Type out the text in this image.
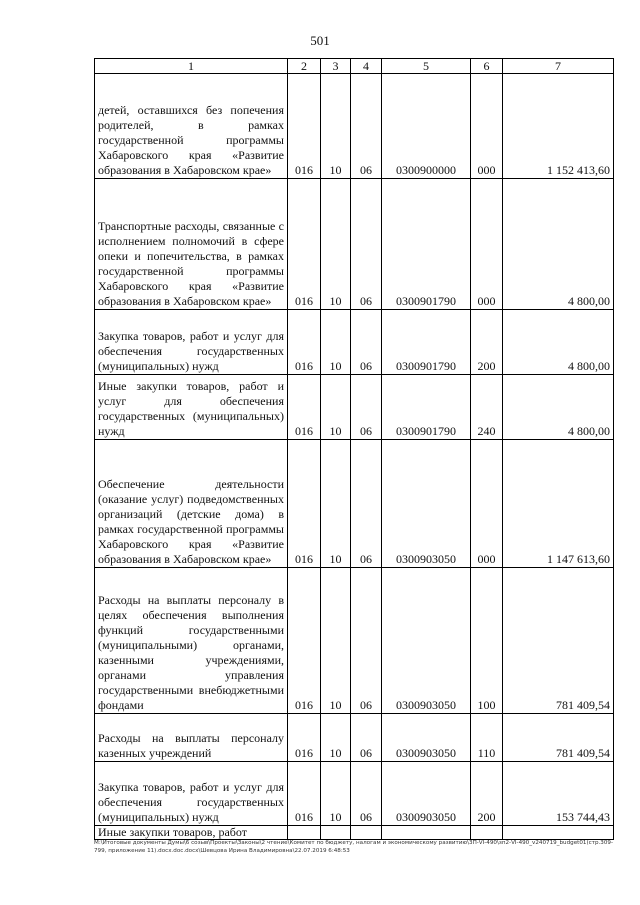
501
1	2	3	4	5	6	7
детей, оставшихся без попечения родителей, в рамках государственной программы Хабаровского края «Развитие образования в Хабаровском крае»	016	10	06	0300900000	000	1 152 413,60
Транспортные расходы, связанные с исполнением полномочий в сфере опеки и попечительства, в рамках государственной программы Хабаровского края «Развитие образования в Хабаровском крае»	016	10	06	0300901790	000	4 800,00
Закупка товаров, работ и услуг для обеспечения государственных (муниципальных) нужд	016	10	06	0300901790	200	4 800,00
Иные закупки товаров, работ и услуг для обеспечения государственных (муниципальных) нужд	016	10	06	0300901790	240	4 800,00
Обеспечение деятельности (оказание услуг) подведомственных организаций (детские дома) в рамках государственной программы Хабаровского края «Развитие образования в Хабаровском крае»	016	10	06	0300903050	000	1 147 613,60
Расходы на выплаты персоналу в целях обеспечения выполнения функций государственными (муниципальными) органами, казенными учреждениями, органами управления государственными внебюджетными фондами	016	10	06	0300903050	100	781 409,54
Расходы на выплаты персоналу казенных учреждений	016	10	06	0300903050	110	781 409,54
Закупка товаров, работ и услуг для обеспечения государственных (муниципальных) нужд	016	10	06	0300903050	200	153 744,43
Иные закупки товаров, работ						
M:\Итоговые документы Думы\6 созыв\Проекты\Законы\2 чтение\Комитет по бюджету, налогам и экономическому развитию\3П-VI-490\зп2-VI-490_v240719_budget01(стр.309-799, приложение 11).docx.doc.docx\Шевцова Ирина Владимировна\22.07.2019 6:48:53
